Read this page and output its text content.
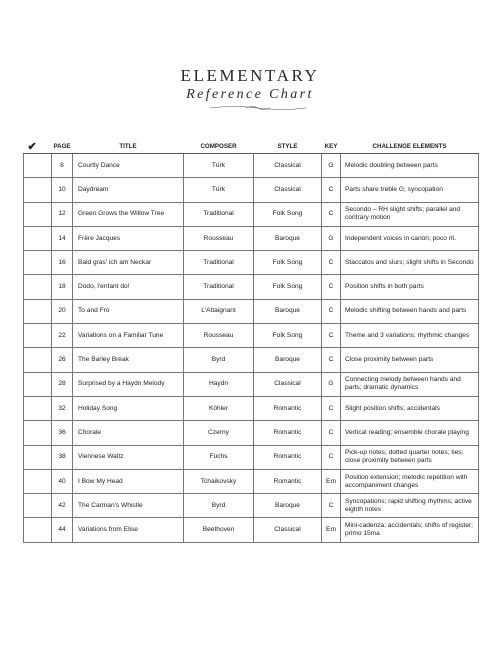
ELEMENTARY
Reference Chart
✔	PAGE	TITLE	COMPOSER	STYLE	KEY	CHALLENGE ELEMENTS
	8	Courtly Dance	Türk	Classical	G	Melodic doubling between parts
	10	Daydream	Türk	Classical	C	Parts share treble G; syncopation
	12	Green Grows the Willow Tree	Traditional	Folk Song	C	Secondo – RH slight shifts; parallel and contrary motion
	14	Frère Jacques	Rousseau	Baroque	G	Independent voices in canon; poco rit.
	16	Bald gras' ich am Neckar	Traditional	Folk Song	C	Staccatos and slurs; slight shifts in Secondo
	18	Dodo, l'enfant do!	Traditional	Folk Song	C	Position shifts in both parts
	20	To and Fro	L'Attaignant	Baroque	C	Melodic shifting between hands and parts
	22	Variations on a Familiar Tune	Rousseau	Folk Song	C	Theme and 3 variations; rhythmic changes
	26	The Barley Break	Byrd	Baroque	C	Close proximity between parts
	28	Surprised by a Haydn Melody	Haydn	Classical	G	Connecting melody between hands and parts; dramatic dynamics
	32	Holiday Song	Köhler	Romantic	C	Slight position shifts; accidentals
	36	Chorale	Czerny	Romantic	C	Vertical reading; ensemble chorale playing
	38	Viennese Waltz	Füchs	Romantic	C	Pick-up notes; dotted quarter notes; ties; close proximity between parts
	40	I Bow My Head	Tchaikovsky	Romantic	Em	Position extension; melodic repetition with accompaniment changes
	42	The Carman's Whistle	Byrd	Baroque	C	Syncopations; rapid shifting rhythms; active eighth notes
	44	Variations from Elise	Beethoven	Classical	Em	Mini-cadenza; accidentals; shifts of register; primo 15ma
